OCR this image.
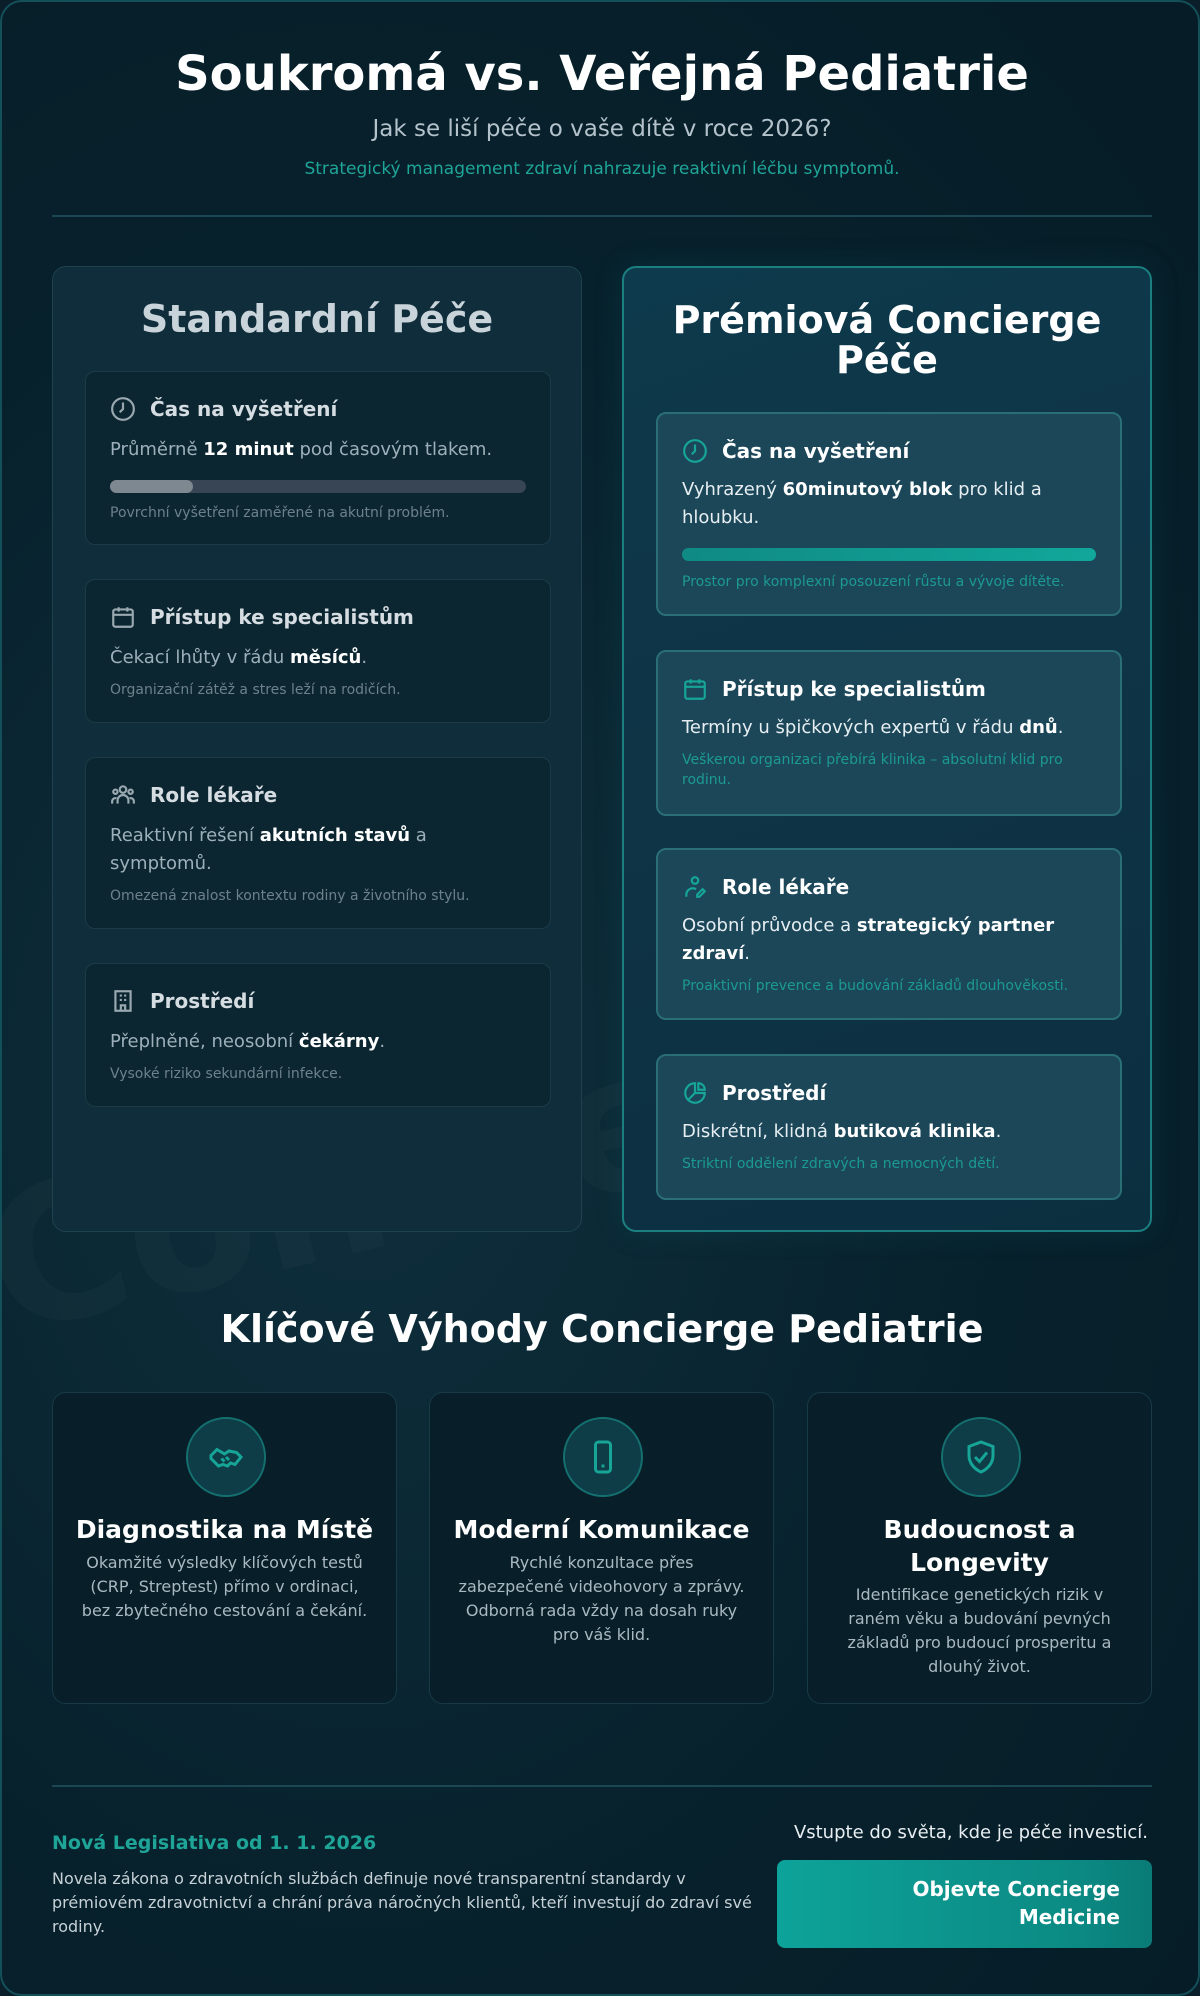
Soukromá vs. Veřejná Pediatrie
Jak se liší péče o vaše dítě v roce 2026?
Strategický management zdraví nahrazuje reaktivní léčbu symptomů.
Standardní Péče
Čas na vyšetření
Průměrně 12 minut pod časovým tlakem.
Povrchní vyšetření zaměřené na akutní problém.
Přístup ke specialistům
Čekací lhůty v řádu měsíců.
Organizační zátěž a stres leží na rodičích.
Role lékaře
Reaktivní řešení akutních stavů a symptomů.
Omezená znalost kontextu rodiny a životního stylu.
Prostředí
Přeplněné, neosobní čekárny.
Vysoké riziko sekundární infekce.
Prémiová Concierge Péče
Čas na vyšetření
Vyhrazený 60minutový blok pro klid a hloubku.
Prostor pro komplexní posouzení růstu a vývoje dítěte.
Přístup ke specialistům
Termíny u špičkových expertů v řádu dnů.
Veškerou organizaci přebírá klinika – absolutní klid pro rodinu.
Role lékaře
Osobní průvodce a strategický partner zdraví.
Proaktivní prevence a budování základů dlouhověkosti.
Prostředí
Diskrétní, klidná butiková klinika.
Striktní oddělení zdravých a nemocných dětí.
Klíčové Výhody Concierge Pediatrie
Diagnostika na Místě
Okamžité výsledky klíčových testů (CRP, Streptest) přímo v ordinaci, bez zbytečného cestování a čekání.
Moderní Komunikace
Rychlé konzultace přes zabezpečené videohovory a zprávy. Odborná rada vždy na dosah ruky pro váš klid.
Budoucnost a Longevity
Identifikace genetických rizik v raném věku a budování pevných základů pro budoucí prosperitu a dlouhý život.
Nová Legislativa od 1. 1. 2026
Novela zákona o zdravotních službách definuje nové transparentní standardy v prémiovém zdravotnictví a chrání práva náročných klientů, kteří investují do zdraví své rodiny.
Vstupte do světa, kde je péče investicí.
Objevte Concierge Medicine
